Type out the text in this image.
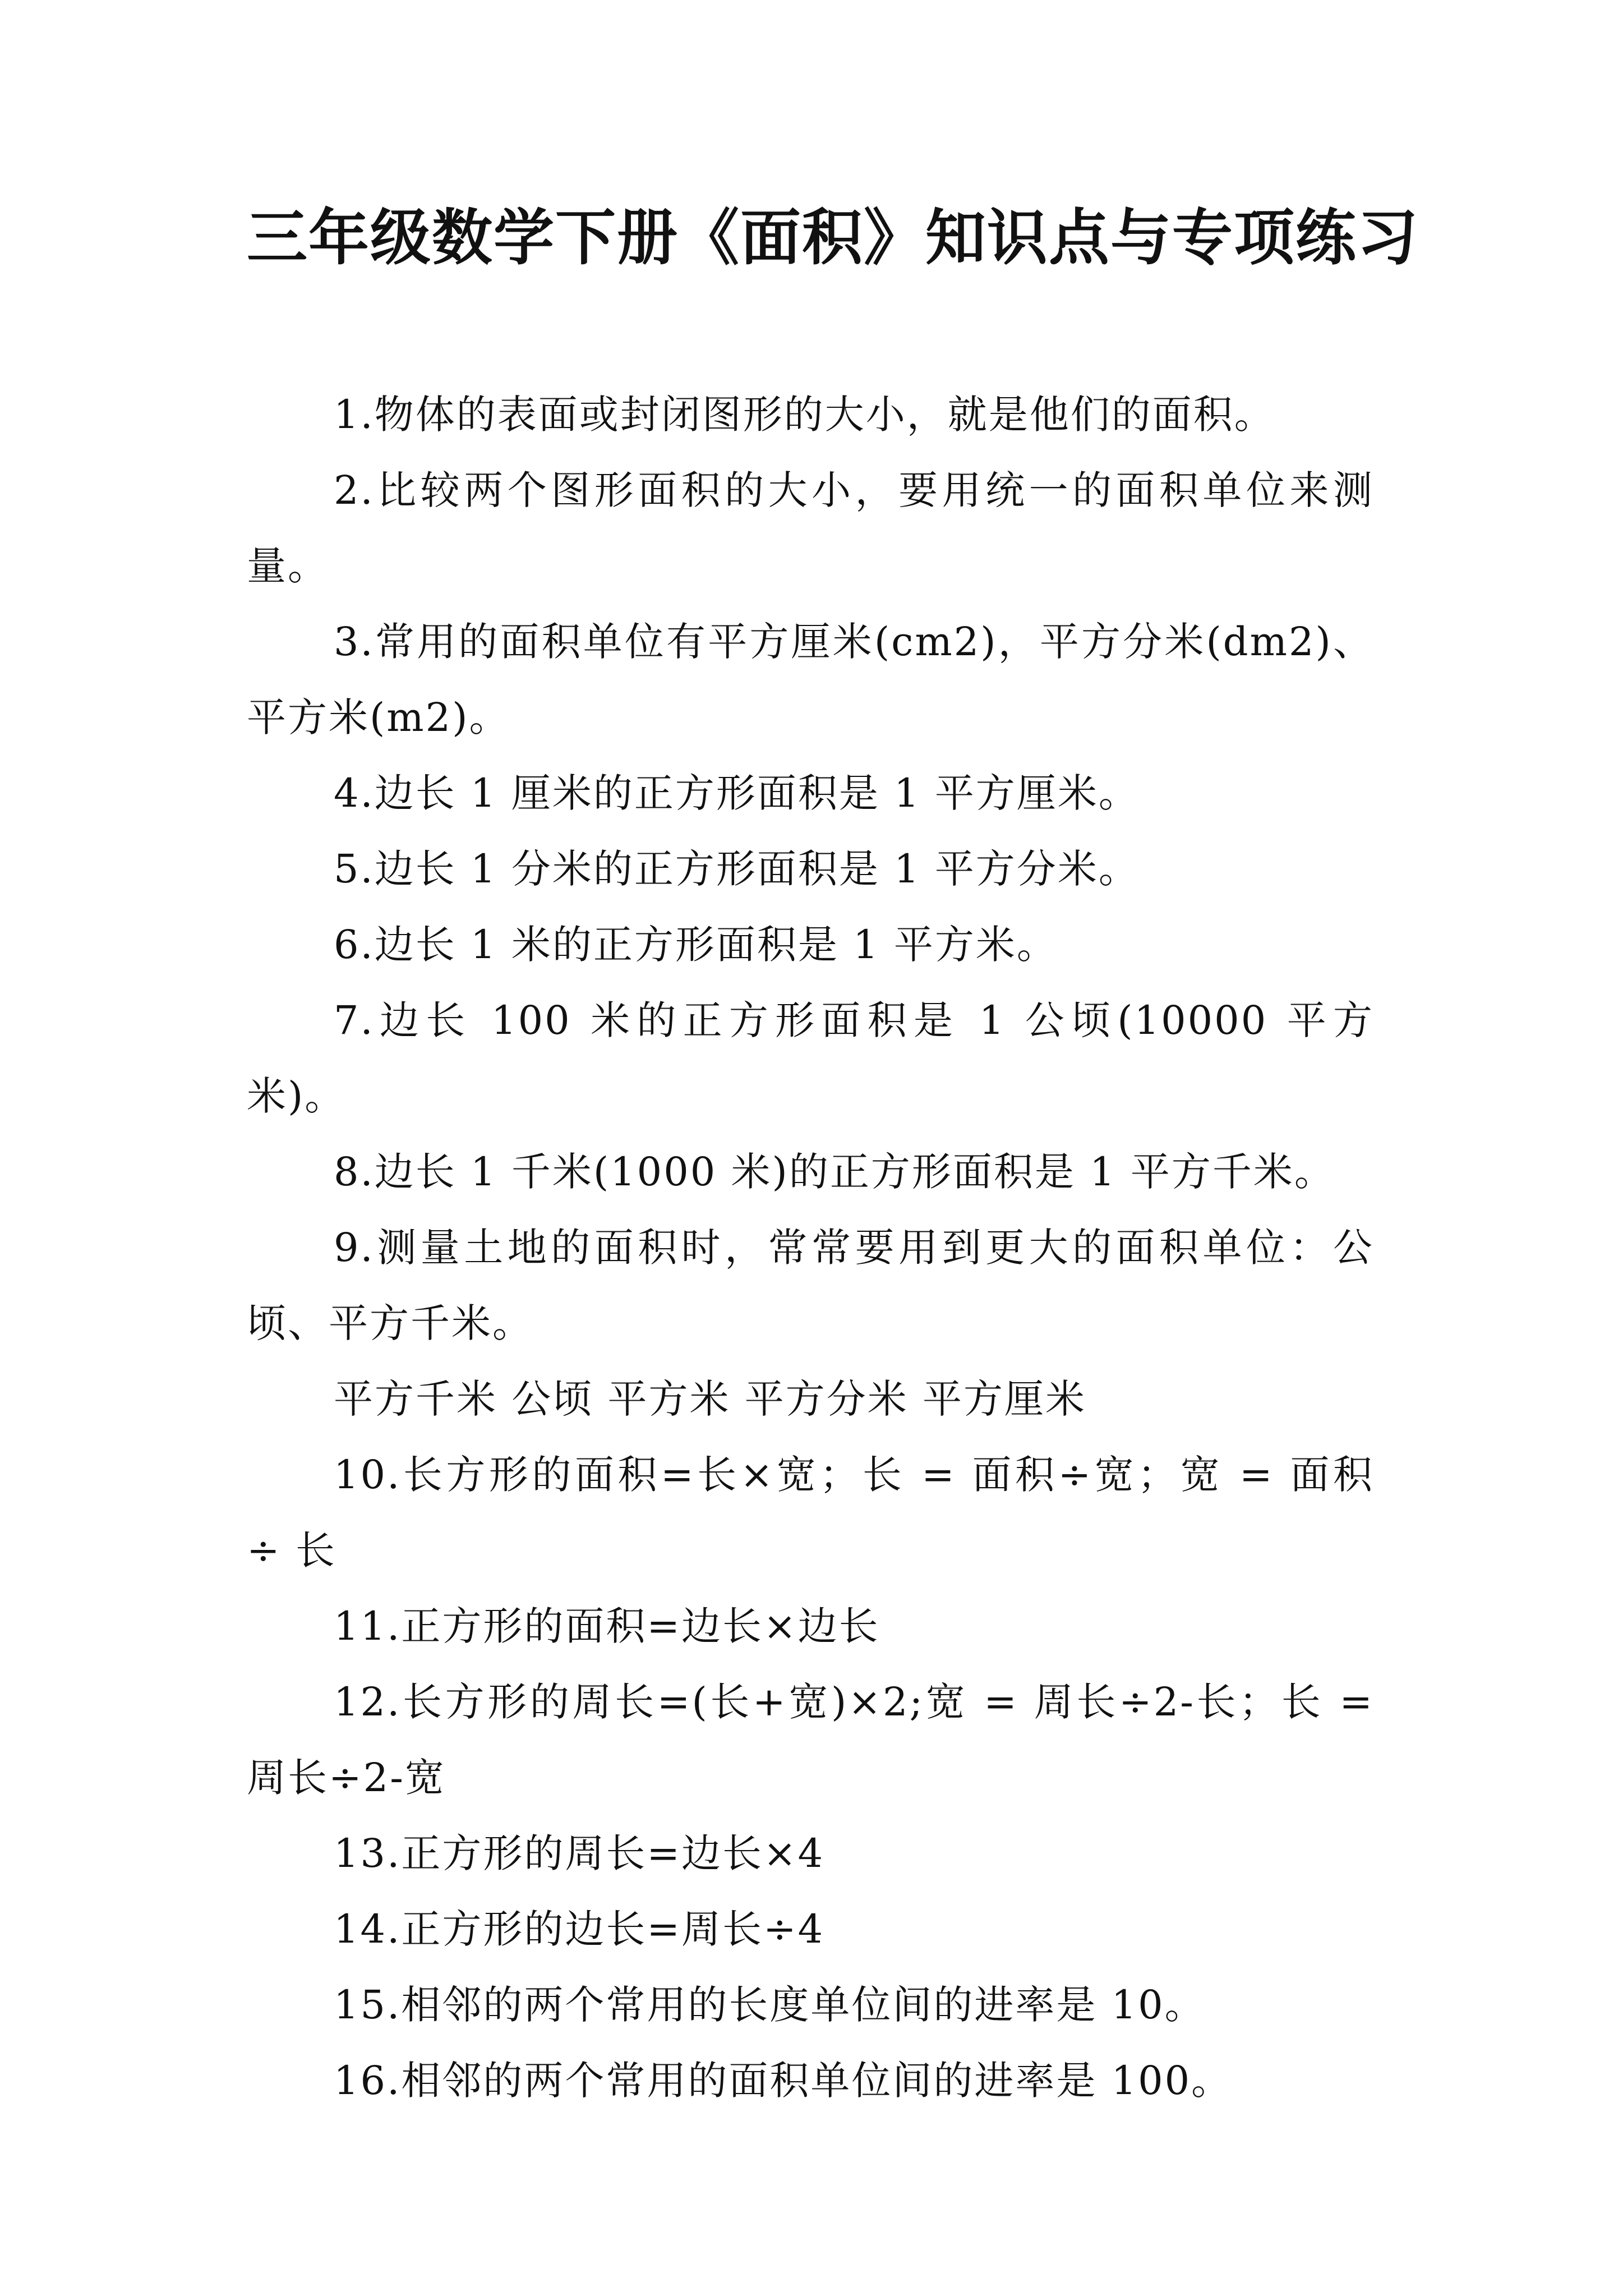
三年级数学下册《面积》知识点与专项练习

1.物体的表面或封闭图形的大小，就是他们的面积。

2.比较两个图形面积的大小，要用统一的面积单位来测量。

3.常用的面积单位有平方厘米(cm2)，平方分米(dm2)、平方米(m2)。

4.边长 1 厘米的正方形面积是 1 平方厘米。

5.边长 1 分米的正方形面积是 1 平方分米。

6.边长 1 米的正方形面积是 1 平方米。

7.边长 100 米的正方形面积是 1 公顷(10000 平方米)。

8.边长 1 千米(1000 米)的正方形面积是 1 平方千米。

9.测量土地的面积时，常常要用到更大的面积单位：公顷、平方千米。

平方千米 公顷 平方米 平方分米 平方厘米

10.长方形的面积=长×宽；长 = 面积÷宽；宽 = 面积 ÷ 长

11.正方形的面积=边长×边长

12.长方形的周长=(长+宽)×2;宽 = 周长÷2-长；长 = 周长÷2-宽

13.正方形的周长=边长×4

14.正方形的边长=周长÷4

15.相邻的两个常用的长度单位间的进率是 10。

16.相邻的两个常用的面积单位间的进率是 100。
